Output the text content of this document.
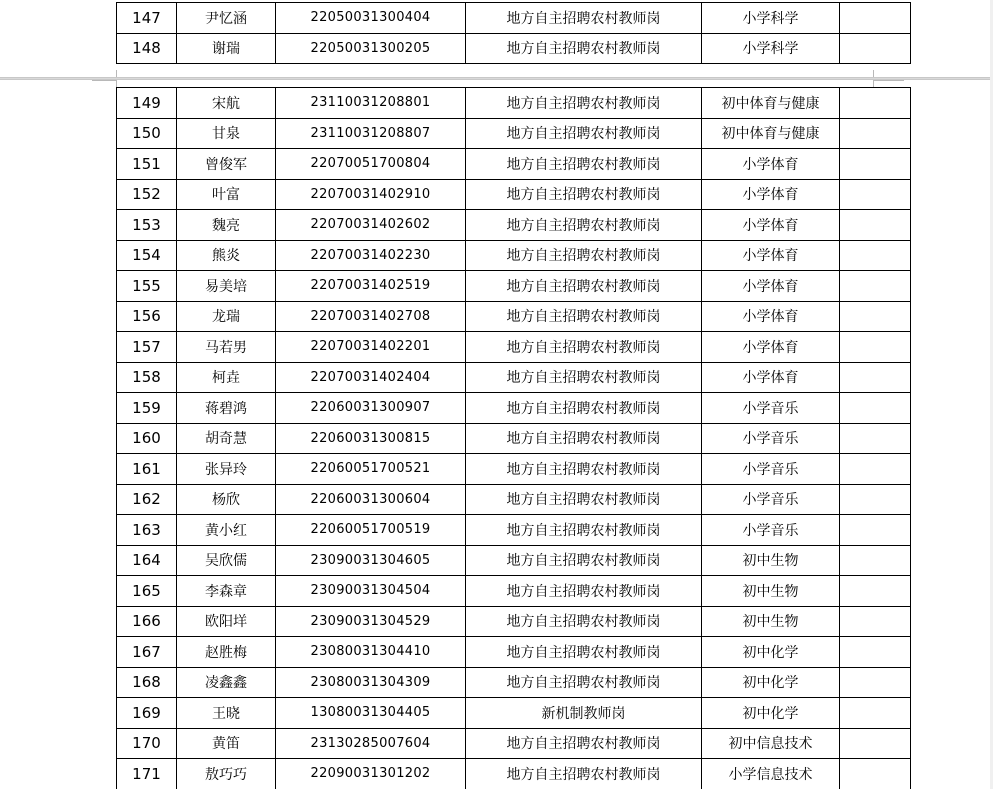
147	尹忆涵	22050031300404	地方自主招聘农村教师岗	小学科学	
148	谢瑞	22050031300205	地方自主招聘农村教师岗	小学科学	
149	宋航	23110031208801	地方自主招聘农村教师岗	初中体育与健康	
150	甘泉	23110031208807	地方自主招聘农村教师岗	初中体育与健康	
151	曾俊军	22070051700804	地方自主招聘农村教师岗	小学体育	
152	叶富	22070031402910	地方自主招聘农村教师岗	小学体育	
153	魏亮	22070031402602	地方自主招聘农村教师岗	小学体育	
154	熊炎	22070031402230	地方自主招聘农村教师岗	小学体育	
155	易美培	22070031402519	地方自主招聘农村教师岗	小学体育	
156	龙瑞	22070031402708	地方自主招聘农村教师岗	小学体育	
157	马若男	22070031402201	地方自主招聘农村教师岗	小学体育	
158	柯垚	22070031402404	地方自主招聘农村教师岗	小学体育	
159	蒋碧鸿	22060031300907	地方自主招聘农村教师岗	小学音乐	
160	胡奇慧	22060031300815	地方自主招聘农村教师岗	小学音乐	
161	张异玲	22060051700521	地方自主招聘农村教师岗	小学音乐	
162	杨欣	22060031300604	地方自主招聘农村教师岗	小学音乐	
163	黄小红	22060051700519	地方自主招聘农村教师岗	小学音乐	
164	吴欣儒	23090031304605	地方自主招聘农村教师岗	初中生物	
165	李森章	23090031304504	地方自主招聘农村教师岗	初中生物	
166	欧阳垟	23090031304529	地方自主招聘农村教师岗	初中生物	
167	赵胜梅	23080031304410	地方自主招聘农村教师岗	初中化学	
168	凌鑫鑫	23080031304309	地方自主招聘农村教师岗	初中化学	
169	王晓	13080031304405	新机制教师岗	初中化学	
170	黄笛	23130285007604	地方自主招聘农村教师岗	初中信息技术	
171	敖巧巧	22090031301202	地方自主招聘农村教师岗	小学信息技术	
